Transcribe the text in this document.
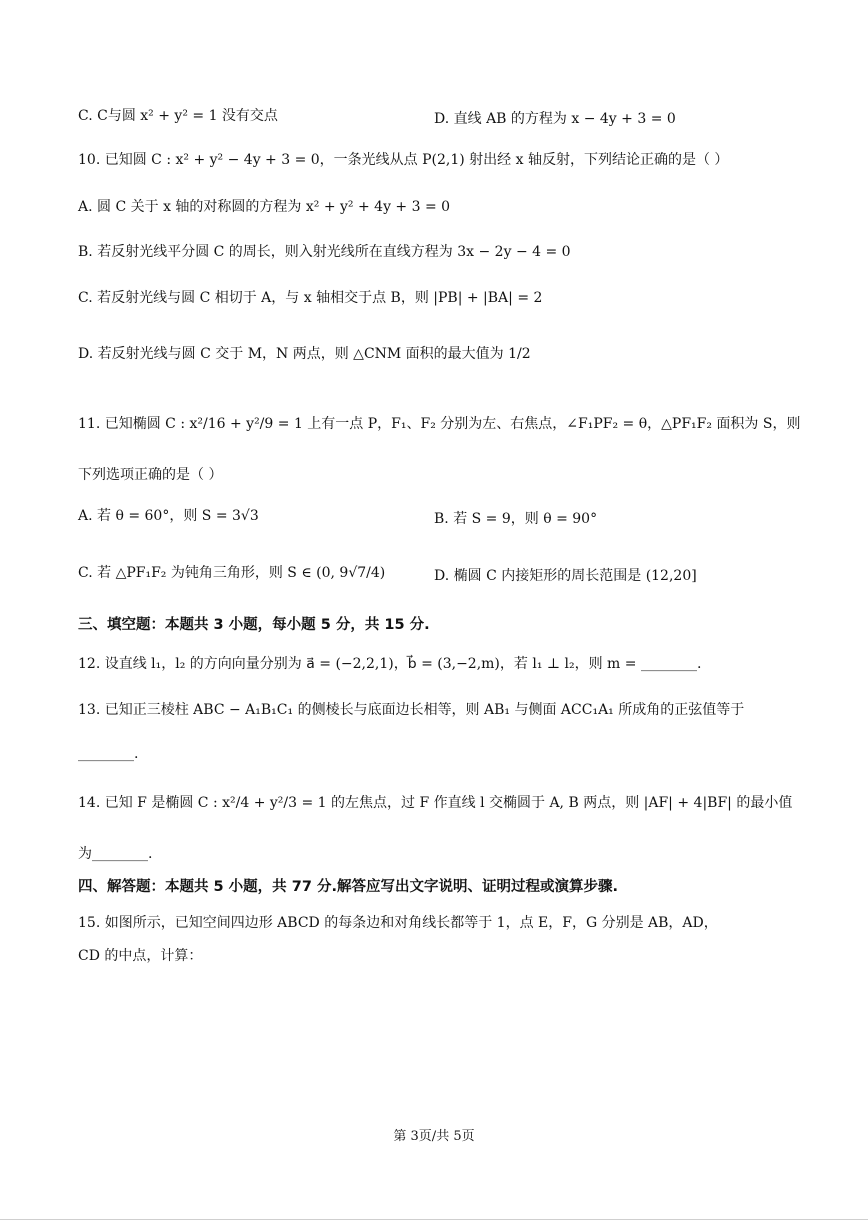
C. C与圆 x² + y² = 1 没有交点	D. 直线 AB 的方程为 x − 4y + 3 = 0
10. 已知圆 C : x² + y² − 4y + 3 = 0，一条光线从点 P(2,1) 射出经 x 轴反射，下列结论正确的是（ ）
A. 圆 C 关于 x 轴的对称圆的方程为 x² + y² + 4y + 3 = 0
B. 若反射光线平分圆 C 的周长，则入射光线所在直线方程为 3x − 2y − 4 = 0
C. 若反射光线与圆 C 相切于 A，与 x 轴相交于点 B，则 |PB| + |BA| = 2
D. 若反射光线与圆 C 交于 M，N 两点，则 △CNM 面积的最大值为 1/2
11. 已知椭圆 C : x²/16 + y²/9 = 1 上有一点 P，F₁、F₂ 分别为左、右焦点，∠F₁PF₂ = θ，△PF₁F₂ 面积为 S，则
下列选项正确的是（ ）
A. 若 θ = 60°，则 S = 3√3	B. 若 S = 9，则 θ = 90°
C. 若 △PF₁F₂ 为钝角三角形，则 S ∈ (0, 9√7/4)	D. 椭圆 C 内接矩形的周长范围是 (12,20]
三、填空题：本题共 3 小题，每小题 5 分，共 15 分.
12. 设直线 l₁，l₂ 的方向向量分别为 a⃗ = (−2,2,1)，b⃗ = (3,−2,m)，若 l₁ ⊥ l₂，则 m = ________.
13. 已知正三棱柱 ABC − A₁B₁C₁ 的侧棱长与底面边长相等，则 AB₁ 与侧面 ACC₁A₁ 所成角的正弦值等于
________.
14. 已知 F 是椭圆 C : x²/4 + y²/3 = 1 的左焦点，过 F 作直线 l 交椭圆于 A, B 两点，则 |AF| + 4|BF| 的最小值
为________.
四、解答题：本题共 5 小题，共 77 分.解答应写出文字说明、证明过程或演算步骤.
15. 如图所示，已知空间四边形 ABCD 的每条边和对角线长都等于 1，点 E，F，G 分别是 AB，AD，
CD 的中点，计算：
第 3页/共 5页
